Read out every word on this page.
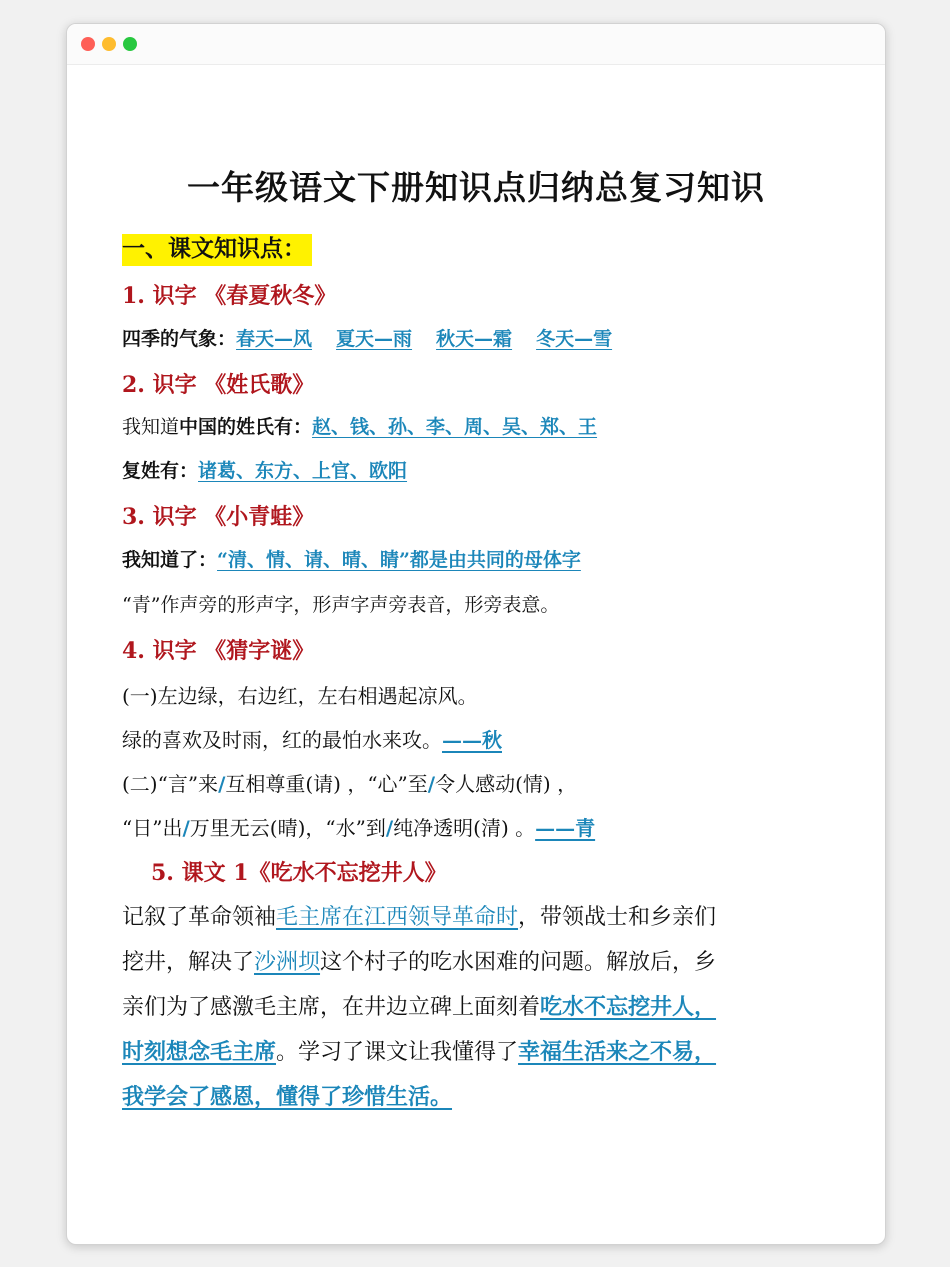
一年级语文下册知识点归纳总复习知识
一、课文知识点：
1. 识字 《春夏秋冬》
四季的气象：春天—风 夏天—雨 秋天—霜 冬天—雪
2. 识字 《姓氏歌》
我知道中国的姓氏有：赵、钱、孙、李、周、吴、郑、王
复姓有：诸葛、东方、上官、欧阳
3. 识字 《小青蛙》
我知道了：“清、情、请、晴、睛”都是由共同的母体字
“青”作声旁的形声字，形声字声旁表音，形旁表意。
4. 识字 《猜字谜》
(一)左边绿，右边红，左右相遇起凉风。
绿的喜欢及时雨，红的最怕水来攻。——秋
(二)“言”来/互相尊重(请) ，“心”至/令人感动(情) ，
“日”出/万里无云(晴)，“水”到/纯净透明(清) 。——青
5. 课文 1《吃水不忘挖井人》
记叙了革命领袖毛主席在江西领导革命时，带领战士和乡亲们
挖井，解决了沙洲坝这个村子的吃水困难的问题。解放后，乡
亲们为了感激毛主席，在井边立碑上面刻着吃水不忘挖井人，
时刻想念毛主席。学习了课文让我懂得了幸福生活来之不易，
我学会了感恩，懂得了珍惜生活。
